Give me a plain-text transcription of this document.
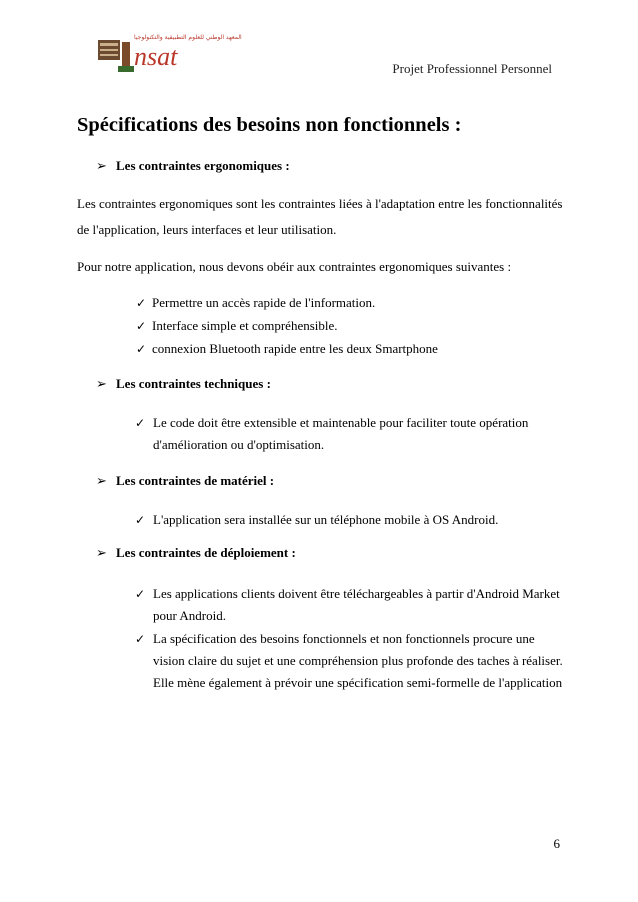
المعهد الوطني للعلوم التطبيقية والتكنولوجيا
nsat	Projet Professionnel Personnel
Spécifications des besoins non fonctionnels :
➢ Les contraintes ergonomiques :
Les contraintes ergonomiques sont les contraintes liées à l'adaptation entre les fonctionnalités
de l'application, leurs interfaces et leur utilisation.
Pour notre application, nous devons obéir aux contraintes ergonomiques suivantes :
✓ Permettre un accès rapide de l'information.
✓ Interface simple et compréhensible.
✓ connexion Bluetooth rapide entre les deux Smartphone
➢ Les contraintes techniques :
✓ Le code doit être extensible et maintenable pour faciliter toute opération
d'amélioration ou d'optimisation.
➢ Les contraintes de matériel :
✓ L'application sera installée sur un téléphone mobile à OS Android.
➢ Les contraintes de déploiement :
✓ Les applications clients doivent être téléchargeables à partir d'Android Market
pour Android.
✓ La spécification des besoins fonctionnels et non fonctionnels procure une
vision claire du sujet et une compréhension plus profonde des taches à réaliser.
Elle mène également à prévoir une spécification semi-formelle de l'application
6
